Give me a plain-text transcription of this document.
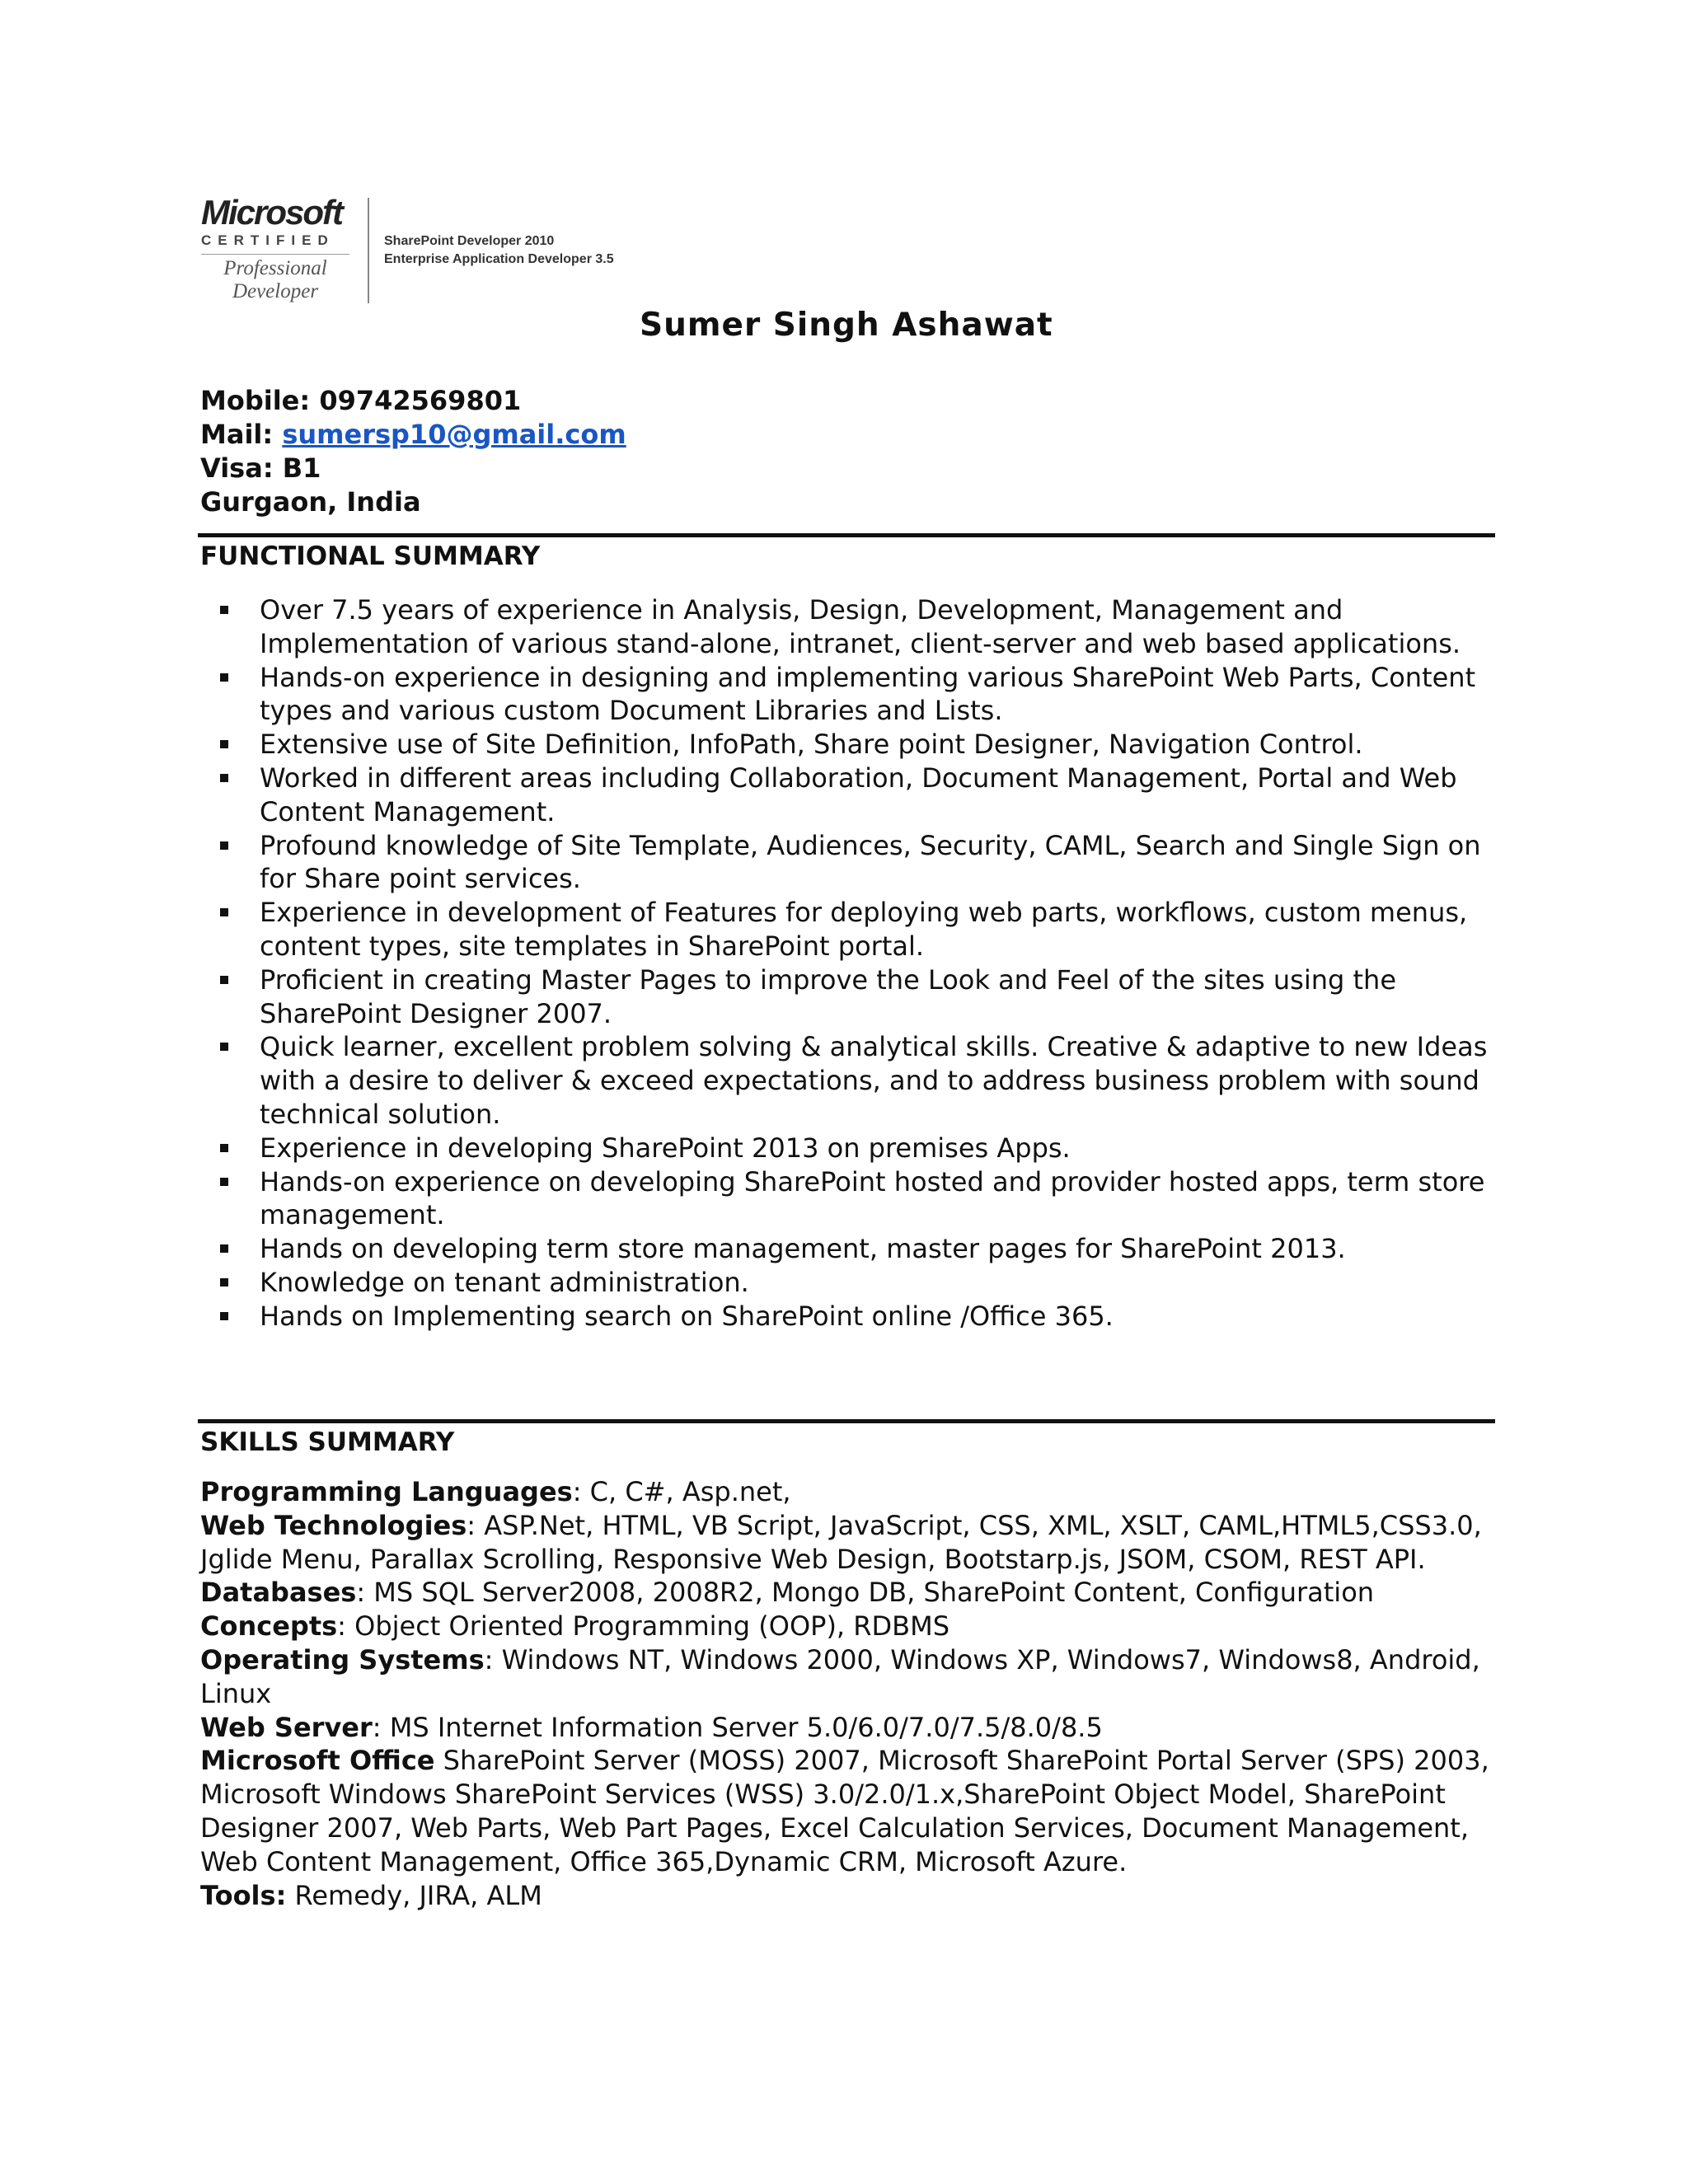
Microsoft
CERTIFIED
Professional
Developer
SharePoint Developer 2010
Enterprise Application Developer 3.5
Sumer Singh Ashawat
Mobile: 09742569801
Mail: sumersp10@gmail.com
Visa: B1
Gurgaon, India
FUNCTIONAL SUMMARY
Over 7.5 years of experience in Analysis, Design, Development, Management and Implementation of various stand-alone, intranet, client-server and web based applications.
Hands-on experience in designing and implementing various SharePoint Web Parts, Content types and various custom Document Libraries and Lists.
Extensive use of Site Definition, InfoPath, Share point Designer, Navigation Control.
Worked in different areas including Collaboration, Document Management, Portal and Web Content Management.
Profound knowledge of Site Template, Audiences, Security, CAML, Search and Single Sign on for Share point services.
Experience in development of Features for deploying web parts, workflows, custom menus, content types, site templates in SharePoint portal.
Proficient in creating Master Pages to improve the Look and Feel of the sites using the SharePoint Designer 2007.
Quick learner, excellent problem solving & analytical skills. Creative & adaptive to new Ideas with a desire to deliver & exceed expectations, and to address business problem with sound technical solution.
Experience in developing SharePoint 2013 on premises Apps.
Hands-on experience on developing SharePoint hosted and provider hosted apps, term store management.
Hands on developing term store management, master pages for SharePoint 2013.
Knowledge on tenant administration.
Hands on Implementing search on SharePoint online /Office 365.
SKILLS SUMMARY
Programming Languages: C, C#, Asp.net,
Web Technologies: ASP.Net, HTML, VB Script, JavaScript, CSS, XML, XSLT, CAML,HTML5,CSS3.0, Jglide Menu, Parallax Scrolling, Responsive Web Design, Bootstarp.js, JSOM, CSOM, REST API.
Databases: MS SQL Server2008, 2008R2, Mongo DB, SharePoint Content, Configuration
Concepts: Object Oriented Programming (OOP), RDBMS
Operating Systems: Windows NT, Windows 2000, Windows XP, Windows7, Windows8, Android, Linux
Web Server: MS Internet Information Server 5.0/6.0/7.0/7.5/8.0/8.5
Microsoft Office SharePoint Server (MOSS) 2007, Microsoft SharePoint Portal Server (SPS) 2003, Microsoft Windows SharePoint Services (WSS) 3.0/2.0/1.x,SharePoint Object Model, SharePoint Designer 2007, Web Parts, Web Part Pages, Excel Calculation Services, Document Management, Web Content Management, Office 365,Dynamic CRM, Microsoft Azure.
Tools: Remedy, JIRA, ALM
